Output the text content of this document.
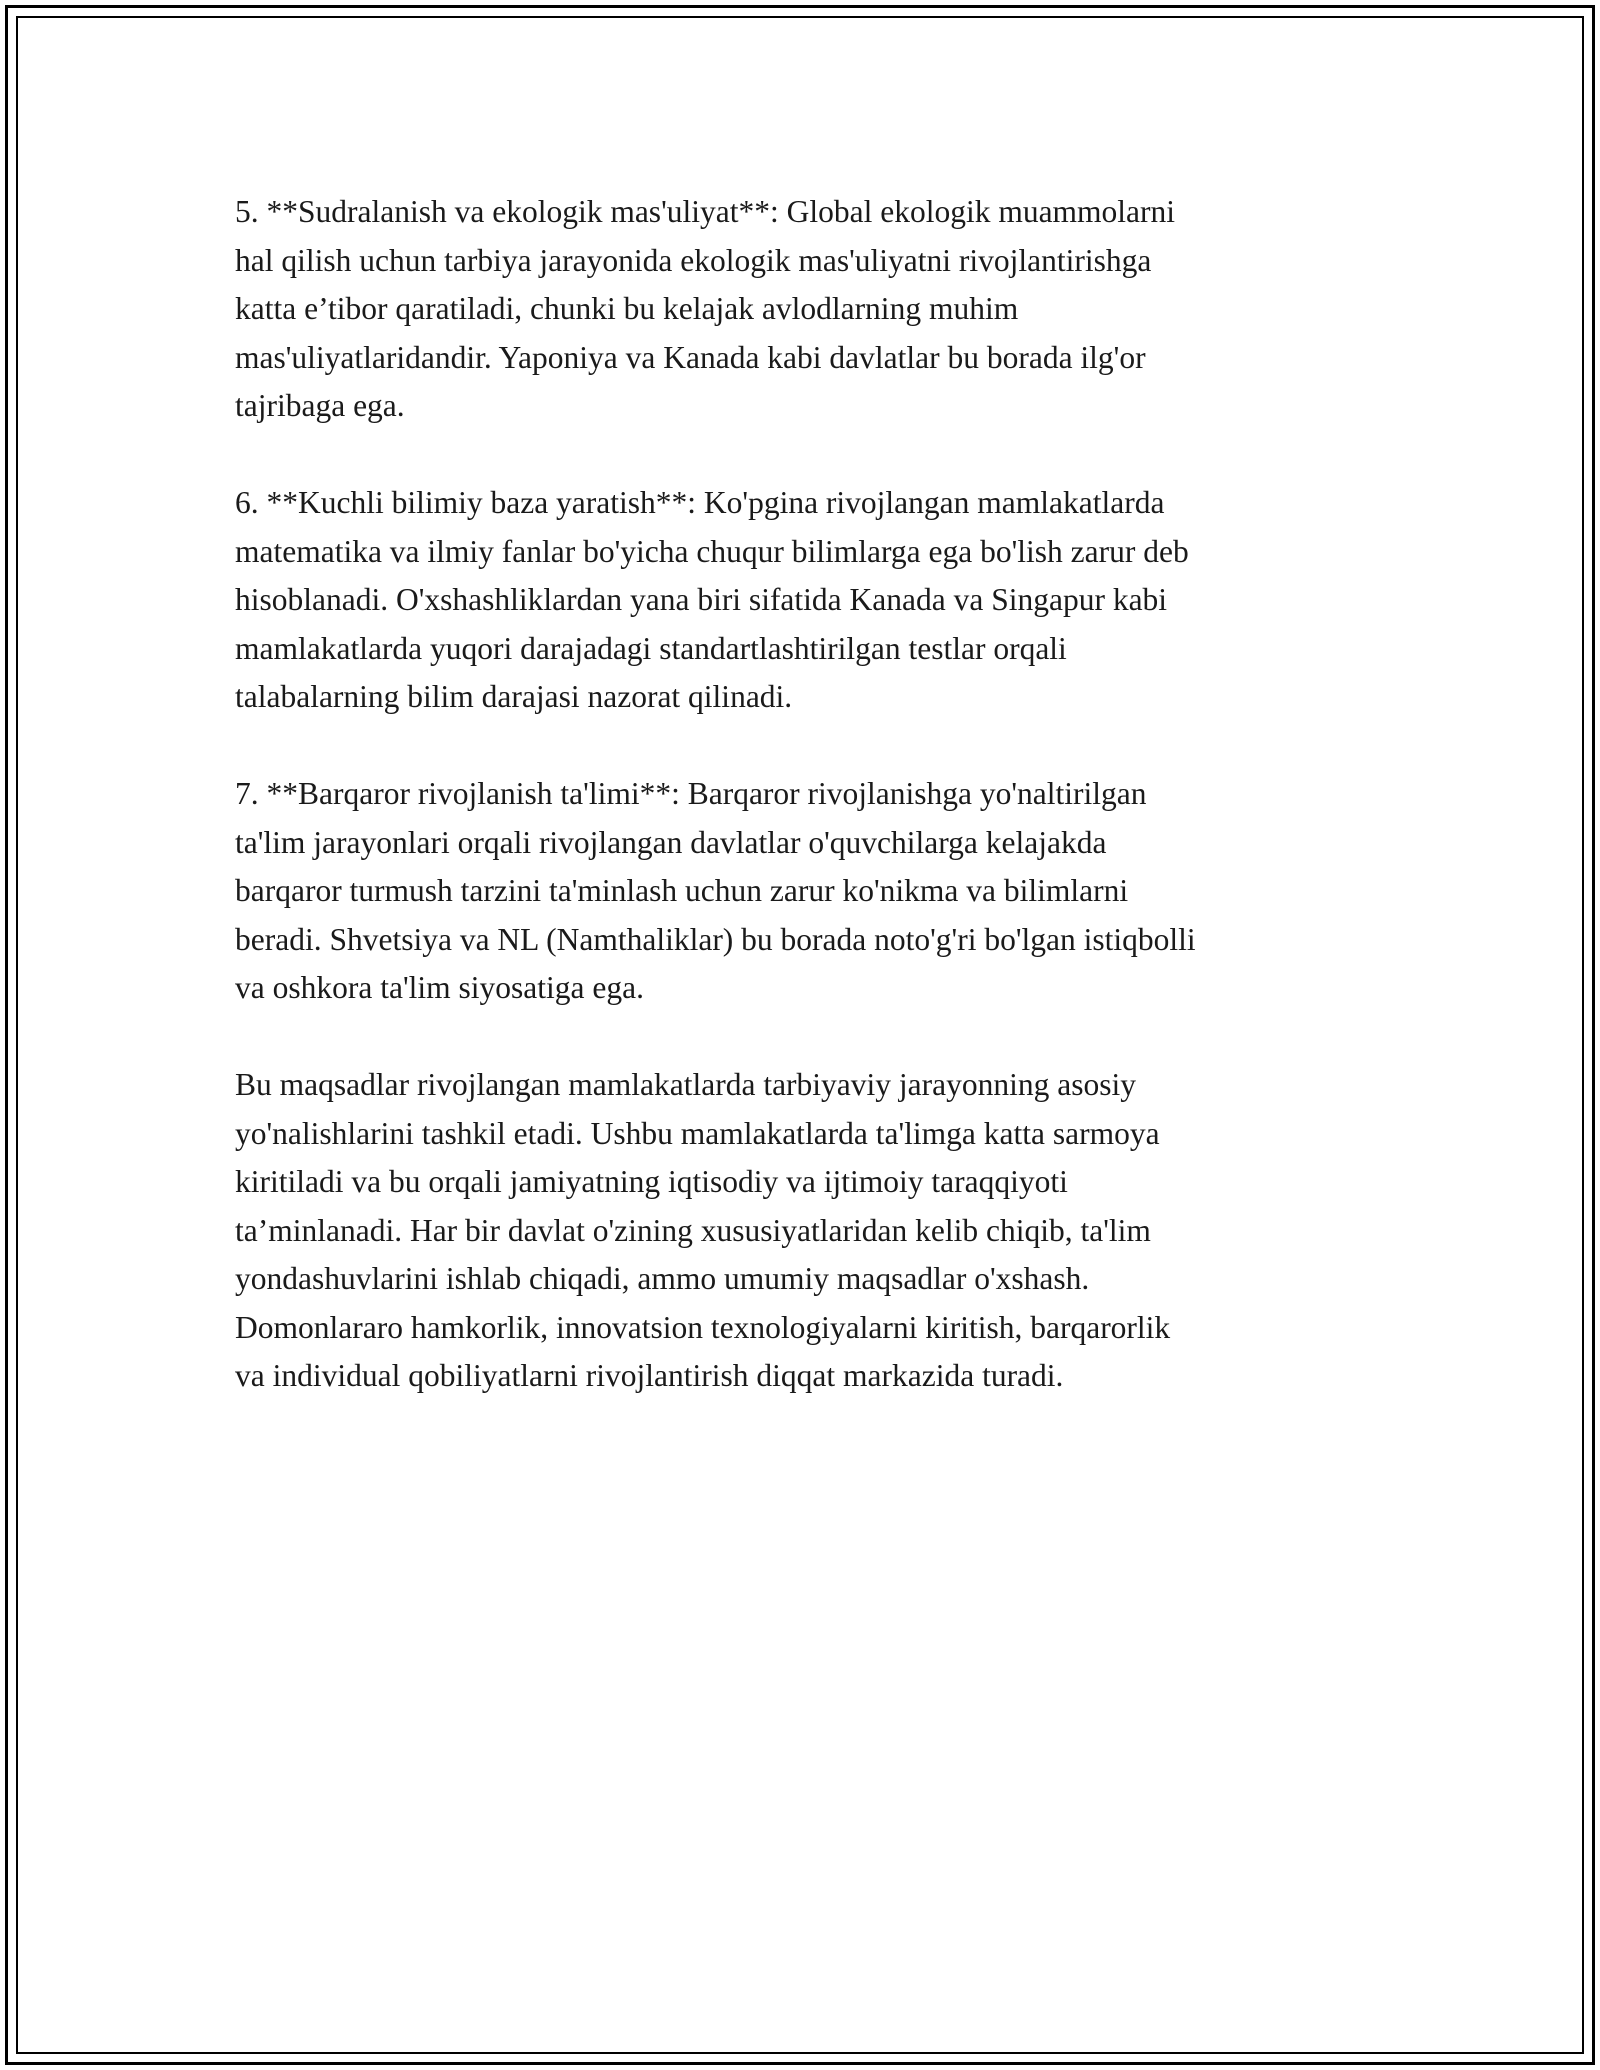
5. **Sudralanish va ekologik mas'uliyat**: Global ekologik muammolarni
hal qilish uchun tarbiya jarayonida ekologik mas'uliyatni rivojlantirishga
katta e’tibor qaratiladi, chunki bu kelajak avlodlarning muhim
mas'uliyatlaridandir. Yaponiya va Kanada kabi davlatlar bu borada ilg'or
tajribaga ega.

6. **Kuchli bilimiy baza yaratish**: Ko'pgina rivojlangan mamlakatlarda
matematika va ilmiy fanlar bo'yicha chuqur bilimlarga ega bo'lish zarur deb
hisoblanadi. O'xshashliklardan yana biri sifatida Kanada va Singapur kabi
mamlakatlarda yuqori darajadagi standartlashtirilgan testlar orqali
talabalarning bilim darajasi nazorat qilinadi.

7. **Barqaror rivojlanish ta'limi**: Barqaror rivojlanishga yo'naltirilgan
ta'lim jarayonlari orqali rivojlangan davlatlar o'quvchilarga kelajakda
barqaror turmush tarzini ta'minlash uchun zarur ko'nikma va bilimlarni
beradi. Shvetsiya va NL (Namthaliklar) bu borada noto'g'ri bo'lgan istiqbolli
va oshkora ta'lim siyosatiga ega.

Bu maqsadlar rivojlangan mamlakatlarda tarbiyaviy jarayonning asosiy
yo'nalishlarini tashkil etadi. Ushbu mamlakatlarda ta'limga katta sarmoya
kiritiladi va bu orqali jamiyatning iqtisodiy va ijtimoiy taraqqiyoti
ta’minlanadi. Har bir davlat o'zining xususiyatlaridan kelib chiqib, ta'lim
yondashuvlarini ishlab chiqadi, ammo umumiy maqsadlar o'xshash.
Domonlararo hamkorlik, innovatsion texnologiyalarni kiritish, barqarorlik
va individual qobiliyatlarni rivojlantirish diqqat markazida turadi.
